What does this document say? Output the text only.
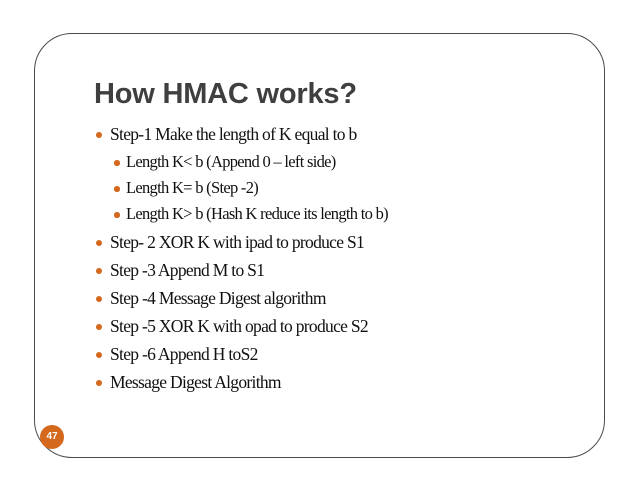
How HMAC works?
Step-1 Make the length of K equal to b
Length K< b (Append 0 – left side)
Length K= b (Step -2)
Length K> b (Hash K reduce its length to b)
Step- 2 XOR K with ipad to produce S1
Step -3 Append M to S1
Step -4 Message Digest algorithm
Step -5 XOR K with opad to produce S2
Step -6 Append H toS2
Message Digest Algorithm
47
